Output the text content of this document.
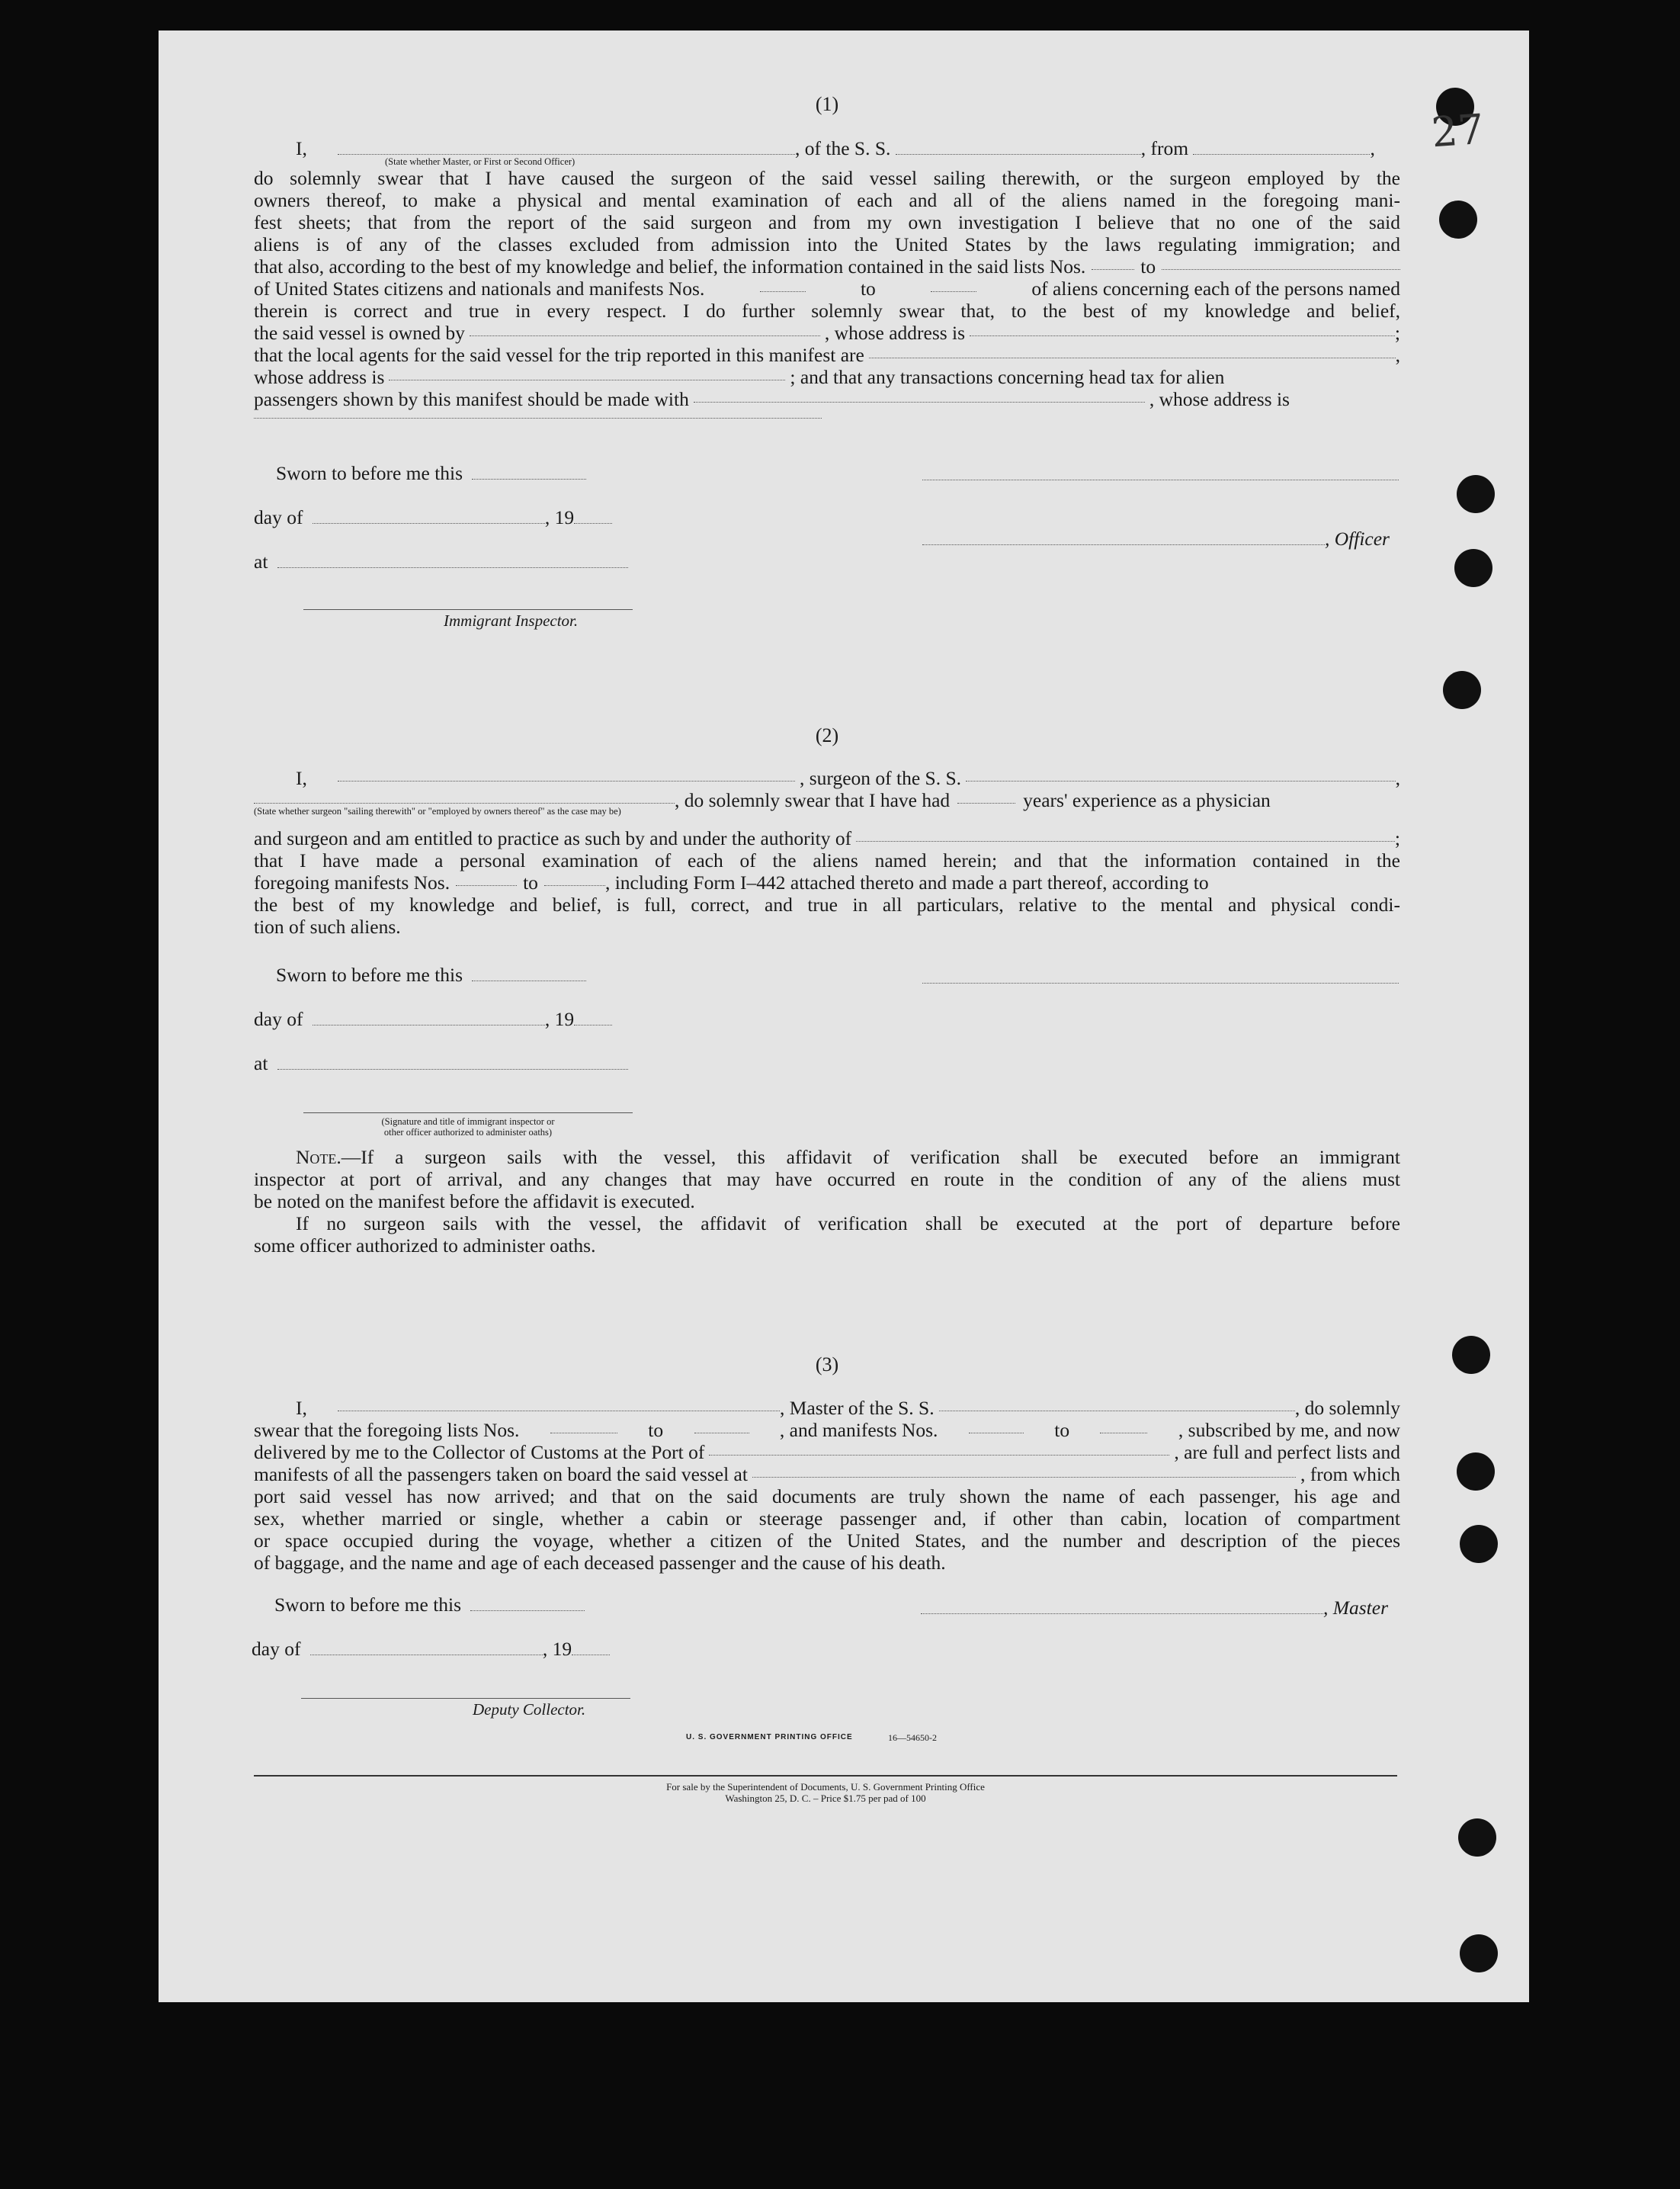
27
(1)
I,	, of the S. S.	, from	,
(State whether Master, or First or Second Officer)

do solemnly swear that I have caused the surgeon of the said vessel sailing therewith, or the surgeon employed by the

owners thereof, to make a physical and mental examination of each and all of the aliens named in the foregoing mani-

fest sheets; that from the report of the said surgeon and from my own investigation I believe that no one of the said

aliens is of any of the classes excluded from admission into the United States by the laws regulating immigration; and

that also, according to the best of my knowledge and belief, the information contained in the said lists Nos.	to
of United States citizens and nationals and manifests Nos.	to	of aliens concerning each of the persons named

therein is correct and true in every respect. I do further solemnly swear that, to the best of my knowledge and belief,

the said vessel is owned by	, whose address is	;
that the local agents for the said vessel for the trip reported in this manifest are	,
whose address is	; and that any transactions concerning head tax for alien
passengers shown by this manifest should be made with	, whose address is
Sworn to before me this
day of	, 19
, Officer
at
Immigrant Inspector.
(2)
I,	, surgeon of the S. S.	,
, do solemnly swear that I have had	years' experience as a physician
(State whether surgeon "sailing therewith" or "employed by owners thereof" as the case may be)
and surgeon and am entitled to practice as such by and under the authority of	;

that I have made a personal examination of each of the aliens named herein; and that the information contained in the

foregoing manifests Nos.	to	, including Form I–442 attached thereto and made a part thereof, according to

the best of my knowledge and belief, is full, correct, and true in all particulars, relative to the mental and physical condi-

tion of such aliens.

Sworn to before me this
day of	, 19
at
(Signature and title of immigrant inspector or
other officer authorized to administer oaths)
Note.—If a surgeon sails with the vessel, this affidavit of verification shall be executed before an immigrant

inspector at port of arrival, and any changes that may have occurred en route in the condition of any of the aliens must

be noted on the manifest before the affidavit is executed.

If no surgeon sails with the vessel, the affidavit of verification shall be executed at the port of departure before

some officer authorized to administer oaths.

(3)
I,	, Master of the S. S.	, do solemnly
swear that the foregoing lists Nos.	to	, and manifests Nos.	to	, subscribed by me, and now
delivered by me to the Collector of Customs at the Port of	, are full and perfect lists and
manifests of all the passengers taken on board the said vessel at	, from which

port said vessel has now arrived; and that on the said documents are truly shown the name of each passenger, his age and

sex, whether married or single, whether a cabin or steerage passenger and, if other than cabin, location of compartment

or space occupied during the voyage, whether a citizen of the United States, and the number and description of the pieces

of baggage, and the name and age of each deceased passenger and the cause of his death.

Sworn to before me this	, Master
day of	, 19
Deputy Collector.
U. S. GOVERNMENT PRINTING OFFICE	16—54650-2
For sale by the Superintendent of Documents, U. S. Government Printing Office
Washington 25, D. C. – Price $1.75 per pad of 100
